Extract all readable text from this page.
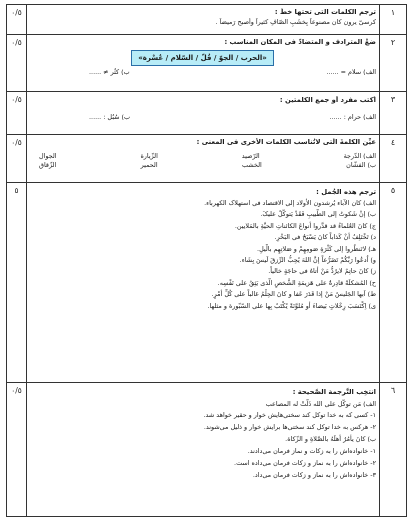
١
٠/٥	ترجم الکلمات التی تحتها خطٌ :
کرسیّ یرون کان مصنوعاً بِخشَبِ الصّافِ کثیراً وأصبح رَمیضاً .
٢
٠/٥	ضعْ المترادف و المتضادّ فی المکان المناسب :
«الحرب / الجوّ / قُلّ / السّلام / عُسْرة»
الف) سلام = ......
ب) کثُر ≠ ......
٣
٠/٥	اُکتب مفرد أو جمع الکلمتین :
الف) حرام : ......
ب) سُبُل : ......
٤
٠/٥	عیِّن الکلمةَ الّتی لاتُناسب الکلمات الأخری فی المعنی :
الف) الدّرجة
الرّصید
الزّیارة
الجوال
ب) الفشّان
الخشب
الحمیر
الزّقاق
٥
٥	ترجم هذه الجُمل :
الف) کان الآباء یُرشدون الأولاد إلی الاقتصاد فی استهلاک الکهرباء.
ب) إنْ شَکوتُ إلی الطَّبیبِ فَقَدْ یَتوکَّلُ علیکَ.
ج) کانَ العُلماءُ قد قدَّروا أنواعَ الکائناتِ الحیَّةِ بالمَلایین.
د) تَخْتَلِفُ أنْ کَذاباً کانَ یَسْبَحُ فی البَحْرِ.
هـ) لاتَنظُروا إلی کَثْرَةِ صَومِهِمْ و صَلاتِهِم بالَّیلِ.
و) اُدعُوا رَبَّکُمْ تَضَرُّعاً إنَّ اللهَ یُحِبُّ الرِّزقَ لَیسَ بِشَاء.
ز) کانَ حاتِمٌ لایرُدُّ مَنْ أتاهُ فی حاجَةٍ خالیاً.
ح) المُشکلَةُ قادِرةٌ علی هَزیمَةِ الشَّخصِ الّذی یَثِقُ علی نَفْسِه.
ط) اَبها الجَلیسُ مَنْ إذا قَدَرَ عَفا و کانَ الحِلْمُ غالباً علی کُلِّ أمْرٍ.
ی) اِکْتَسَبَ رِحْلاتٍ بَیضاءَ أو مُلوَّنَةً یُکْتَبُ بِها علی السّبّورة و مثلها.
٦
٠/٥	انتخِب التَّرجمة الصَّحیحة :
الف) مَن توکَّل علی الله ذَلَّتْ له المصاعب
۱- کسی که به خدا توکل کند سختی‌هایش خوار و حقیر خواهد شد.
۲- هرکس به خدا توکل کند سختی‌ها برایش خوار و ذلیل می‌شوند.
ب) کانَ یأمُرُ أهلَهُ بالصَّلاةِ و الزّکاة.
۱- خانواده‌اش را به زکات و نماز فرمان می‌دادند.
۲- خانواده‌اش را به نماز و زکات فرمان می‌داده است.
۳- خانواده‌اش را به نماز و زکات فرمان می‌داد.
